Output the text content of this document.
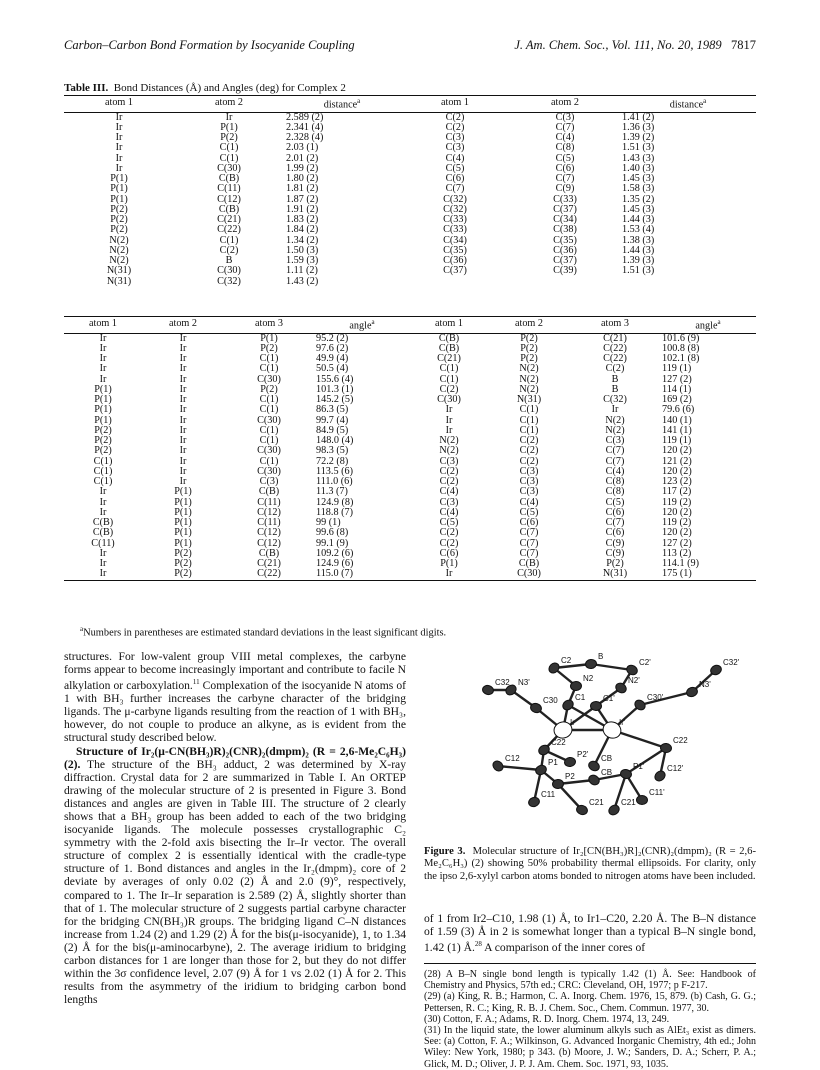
Carbon–Carbon Bond Formation by Isocyanide Coupling	J. Am. Chem. Soc., Vol. 111, No. 20, 1989 7817
Table III. Bond Distances (Å) and Angles (deg) for Complex 2
atom 1	atom 2	distance$^a$	atom 1	atom 2	distance$^a$
Ir	Ir	2.589 (2)	C(2)	C(3)	1.41 (2)
Ir	P(1)	2.341 (4)	C(2)	C(7)	1.36 (3)
Ir	P(2)	2.328 (4)	C(3)	C(4)	1.39 (2)
Ir	C(1)	2.03 (1)	C(3)	C(8)	1.51 (3)
Ir	C(1)	2.01 (2)	C(4)	C(5)	1.43 (3)
Ir	C(30)	1.99 (2)	C(5)	C(6)	1.40 (3)
P(1)	C(B)	1.80 (2)	C(6)	C(7)	1.45 (3)
P(1)	C(11)	1.81 (2)	C(7)	C(9)	1.58 (3)
P(1)	C(12)	1.87 (2)	C(32)	C(33)	1.35 (2)
P(2)	C(B)	1.91 (2)	C(32)	C(37)	1.45 (3)
P(2)	C(21)	1.83 (2)	C(33)	C(34)	1.44 (3)
P(2)	C(22)	1.84 (2)	C(33)	C(38)	1.53 (4)
N(2)	C(1)	1.34 (2)	C(34)	C(35)	1.38 (3)
N(2)	C(2)	1.50 (3)	C(35)	C(36)	1.44 (3)
N(2)	B	1.59 (3)	C(36)	C(37)	1.39 (3)
N(31)	C(30)	1.11 (2)	C(37)	C(39)	1.51 (3)
N(31)	C(32)	1.43 (2)			
atom 1	atom 2	atom 3	angle$^a$	atom 1	atom 2	atom 3	angle$^a$
Ir	Ir	P(1)	95.2 (2)	C(B)	P(2)	C(21)	101.6 (9)
Ir	Ir	P(2)	97.6 (2)	C(B)	P(2)	C(22)	100.8 (8)
Ir	Ir	C(1)	49.9 (4)	C(21)	P(2)	C(22)	102.1 (8)
Ir	Ir	C(1)	50.5 (4)	C(1)	N(2)	C(2)	119 (1)
Ir	Ir	C(30)	155.6 (4)	C(1)	N(2)	B	127 (2)
P(1)	Ir	P(2)	101.3 (1)	C(2)	N(2)	B	114 (1)
P(1)	Ir	C(1)	145.2 (5)	C(30)	N(31)	C(32)	169 (2)
P(1)	Ir	C(1)	86.3 (5)	Ir	C(1)	Ir	79.6 (6)
P(1)	Ir	C(30)	99.7 (4)	Ir	C(1)	N(2)	140 (1)
P(2)	Ir	C(1)	84.9 (5)	Ir	C(1)	N(2)	141 (1)
P(2)	Ir	C(1)	148.0 (4)	N(2)	C(2)	C(3)	119 (1)
P(2)	Ir	C(30)	98.3 (5)	N(2)	C(2)	C(7)	120 (2)
C(1)	Ir	C(1)	72.2 (8)	C(3)	C(2)	C(7)	121 (2)
C(1)	Ir	C(30)	113.5 (6)	C(2)	C(3)	C(4)	120 (2)
C(1)	Ir	C(3)	111.0 (6)	C(2)	C(3)	C(8)	123 (2)
Ir	P(1)	C(B)	11.3 (7)	C(4)	C(3)	C(8)	117 (2)
Ir	P(1)	C(11)	124.9 (8)	C(3)	C(4)	C(5)	119 (2)
Ir	P(1)	C(12)	118.8 (7)	C(4)	C(5)	C(6)	120 (2)
C(B)	P(1)	C(11)	99 (1)	C(5)	C(6)	C(7)	119 (2)
C(B)	P(1)	C(12)	99.6 (8)	C(2)	C(7)	C(6)	120 (2)
C(11)	P(1)	C(12)	99.1 (9)	C(2)	C(7)	C(9)	127 (2)
Ir	P(2)	C(B)	109.2 (6)	C(6)	C(7)	C(9)	113 (2)
Ir	P(2)	C(21)	124.9 (6)	P(1)	C(B)	P(2)	114.1 (9)
Ir	P(2)	C(22)	115.0 (7)	Ir	C(30)	N(31)	175 (1)
$^a$Numbers in parentheses are estimated standard deviations in the least significant digits.

structures. For low-valent group VIII metal complexes, the carbyne forms appear to become increasingly important and contribute to facile N alkylation or carboxylation.$^{11}$ Complexation of the isocyanide N atoms of 1 with BH₃ further increases the carbyne character of the bridging ligands. The μ-carbyne ligands resulting from the reaction of 1 with BH₃, however, do not couple to produce an alkyne, as is evident from the structural study described below.

Structure of Ir₂(μ-CN(BH₃)R)₂(CNR)₂(dmpm)₂ (R = 2,6-Me₂C₆H₃) (2). The structure of the BH₃ adduct, 2 was determined by X-ray diffraction. Crystal data for 2 are summarized in Table I. An ORTEP drawing of the molecular structure of 2 is presented in Figure 3. Bond distances and angles are given in Table III. The structure of 2 clearly shows that a BH₃ group has been added to each of the two bridging isocyanide ligands. The molecule possesses crystallographic C₂ symmetry with the 2-fold axis bisecting the Ir–Ir vector. The overall structure of complex 2 is essentially identical with the cradle-type structure of 1. Bond distances and angles in the Ir₂(dmpm)₂ core of 2 deviate by averages of only 0.02 (2) Å and 2.0 (9)°, respectively, compared to 1. The Ir–Ir separation is 2.589 (2) Å, slightly shorter than that of 1. The molecular structure of 2 suggests partial carbyne character for the bridging CN(BH₃)R groups. The bridging ligand C–N distances increase from 1.24 (2) and 1.29 (2) Å for the bis(μ-isocyanide), 1, to 1.34 (2) Å for the bis(μ-aminocarbyne), 2. The average iridium to bridging carbon distances for 1 are longer than those for 2, but they do not differ within the 3σ confidence level, 2.07 (9) Å for 1 vs 2.02 (1) Å for 2. This results from the asymmetry of the iridium to bridging carbon bond lengths

C2	B
C2'	C32'
C32 N3'	N2	N2'	N3'
C30 C1 C1'	C30'
Ir	Ir'
C22	C22
C12	P2' CB
P1	P1'	C12'
P2	CB
C11
C21 C21
C11'
Figure 3. Molecular structure of Ir₂[CN(BH₃)R]₂(CNR)₂(dmpm)₂ (R = 2,6-Me₂C₆H₃) (2) showing 50% probability thermal ellipsoids. For clarity, only the ipso 2,6-xylyl carbon atoms bonded to nitrogen atoms have been included.
of 1 from Ir2–C10, 1.98 (1) Å, to Ir1–C20, 2.20 Å. The B–N distance of 1.59 (3) Å in 2 is somewhat longer than a typical B–N single bond, 1.42 (1) Å.$^{28}$ A comparison of the inner cores of
(28) A B–N single bond length is typically 1.42 (1) Å. See: Handbook of Chemistry and Physics, 57th ed.; CRC: Cleveland, OH, 1977; p F-217.
(29) (a) King, R. B.; Harmon, C. A. Inorg. Chem. 1976, 15, 879. (b) Cash, G. G.; Pettersen, R. C.; King, R. B. J. Chem. Soc., Chem. Commun. 1977, 30.
(30) Cotton, F. A.; Adams, R. D. Inorg. Chem. 1974, 13, 249.
(31) In the liquid state, the lower aluminum alkyls such as AlEt₃ exist as dimers. See: (a) Cotton, F. A.; Wilkinson, G. Advanced Inorganic Chemistry, 4th ed.; John Wiley: New York, 1980; p 343. (b) Moore, J. W.; Sanders, D. A.; Scherr, P. A.; Glick, M. D.; Oliver, J. P. J. Am. Chem. Soc. 1971, 93, 1035.
